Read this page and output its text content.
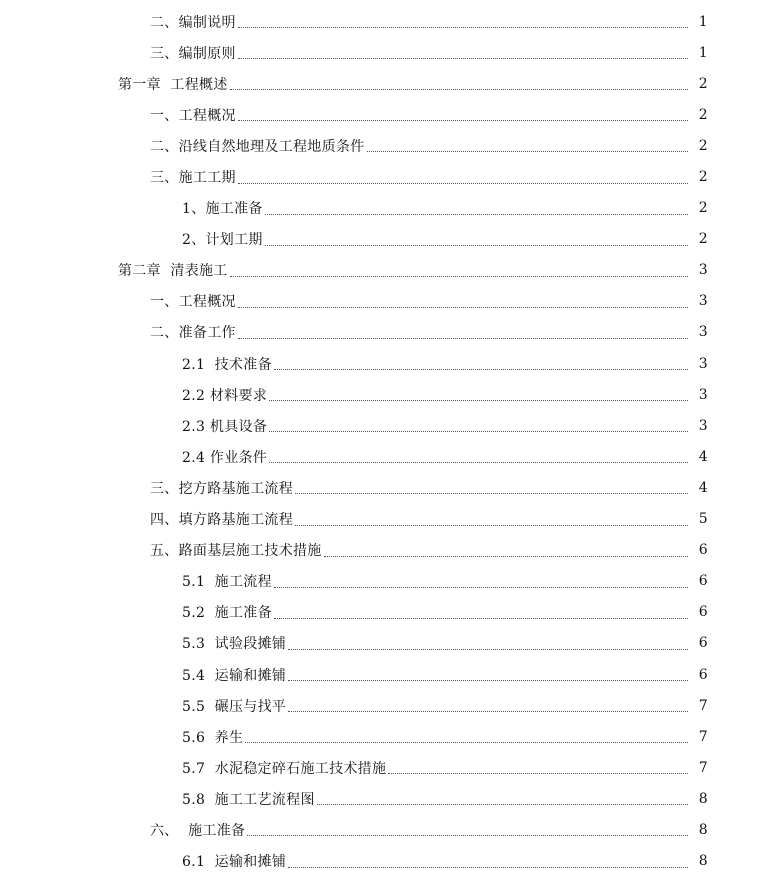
二、编制说明	1
三、编制原则	1
第一章  工程概述	2
一、工程概况	2
二、沿线自然地理及工程地质条件	2
三、施工工期	2
1、施工准备	2
2、计划工期	2
第二章  清表施工	3
一、工程概况	3
二、准备工作	3
2.1  技术准备	3
2.2 材料要求	3
2.3 机具设备	3
2.4 作业条件	4
三、挖方路基施工流程	4
四、填方路基施工流程	5
五、路面基层施工技术措施	6
5.1  施工流程	6
5.2  施工准备	6
5.3  试验段摊铺	6
5.4  运输和摊铺	6
5.5  碾压与找平	7
5.6  养生	7
5.7  水泥稳定碎石施工技术措施	7
5.8  施工工艺流程图	8
六、  施工准备	8
6.1  运输和摊铺	8
